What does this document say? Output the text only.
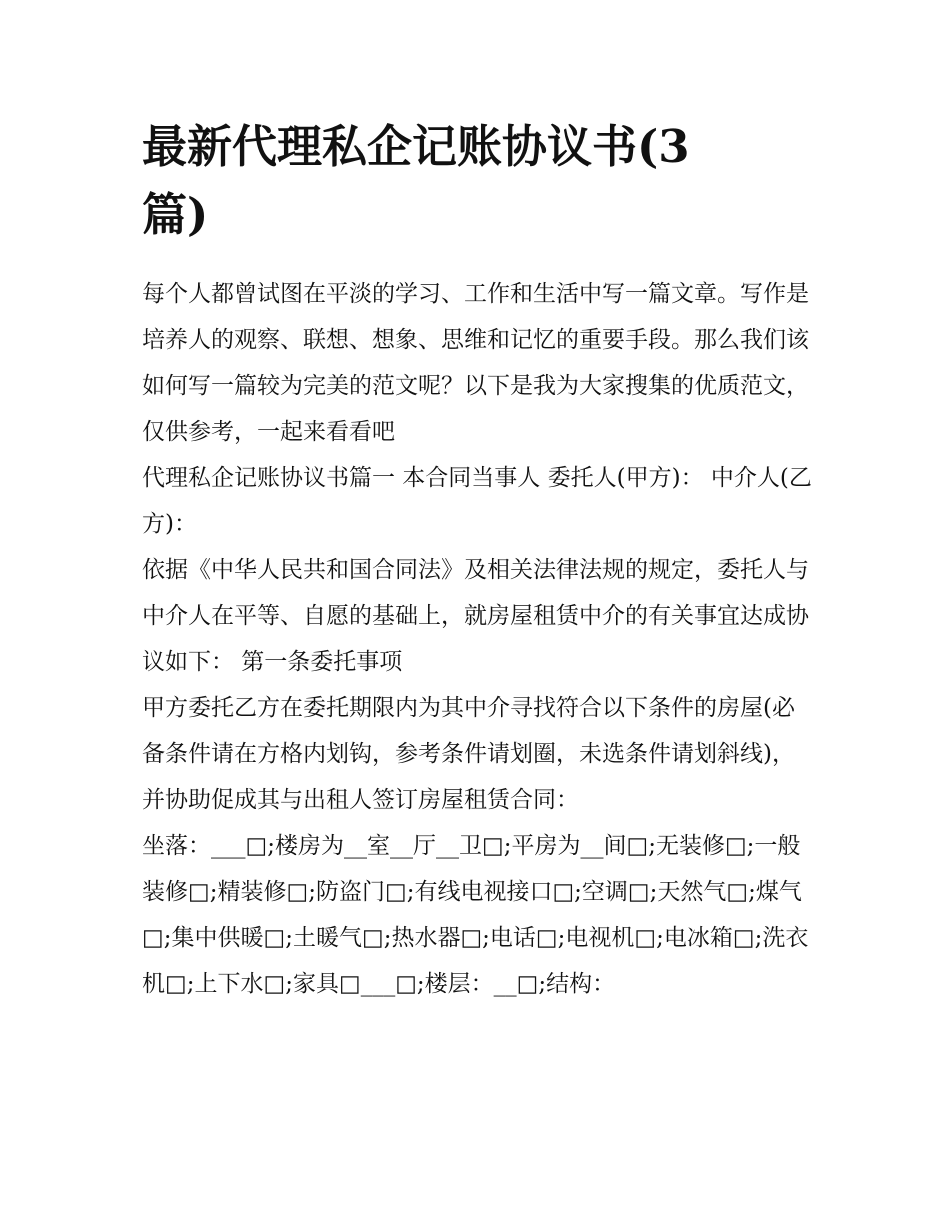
最新代理私企记账协议书(3篇)

每个人都曾试图在平淡的学习、工作和生活中写一篇文章。写作是培养人的观察、联想、想象、思维和记忆的重要手段。那么我们该如何写一篇较为完美的范文呢？以下是我为大家搜集的优质范文，仅供参考，一起来看看吧

代理私企记账协议书篇一 本合同当事人 委托人(甲方)： 中介人(乙方)：

依据《中华人民共和国合同法》及相关法律法规的规定，委托人与中介人在平等、自愿的基础上，就房屋租赁中介的有关事宜达成协议如下： 第一条委托事项

甲方委托乙方在委托期限内为其中介寻找符合以下条件的房屋(必备条件请在方格内划钩，参考条件请划圈，未选条件请划斜线)，并协助促成其与出租人签订房屋租赁合同：

坐落：___□;楼房为__室__厅__卫□;平房为__间□;无装修□;一般装修□;精装修□;防盗门□;有线电视接口□;空调□;天然气□;煤气□;集中供暖□;土暖气□;热水器□;电话□;电视机□;电冰箱□;洗衣机□;上下水□;家具□___□;楼层：__□;结构：
